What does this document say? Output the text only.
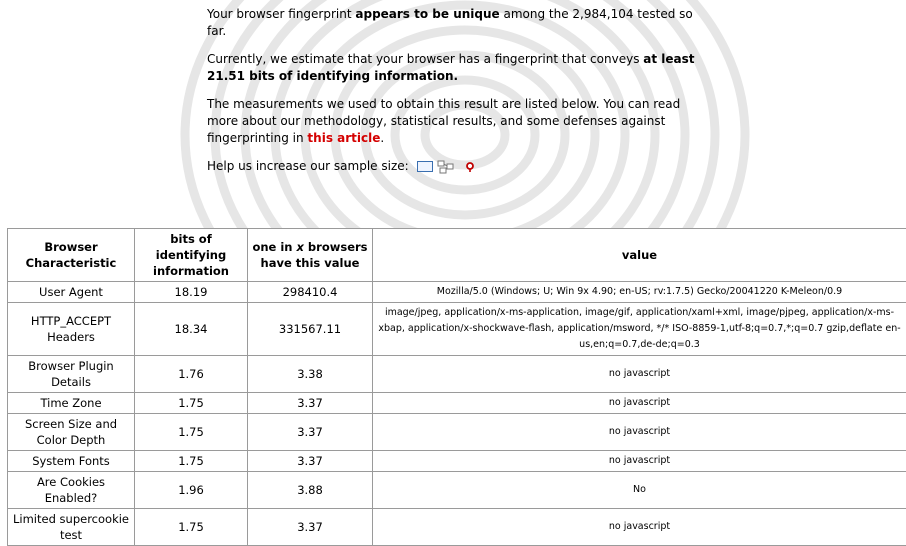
Your browser fingerprint appears to be unique among the 2,984,104 tested so far.

Currently, we estimate that your browser has a fingerprint that conveys at least 21.51 bits of identifying information.

The measurements we used to obtain this result are listed below. You can read more about our methodology, statistical results, and some defenses against fingerprinting in this article.

Help us increase our sample size:

Browser Characteristic	bits of identifying information	one in x browsers have this value	value
User Agent	18.19	298410.4	Mozilla/5.0 (Windows; U; Win 9x 4.90; en-US; rv:1.7.5) Gecko/20041220 K-Meleon/0.9
HTTP_ACCEPT Headers	18.34	331567.11	image/jpeg, application/x-ms-application, image/gif, application/xaml+xml, image/pjpeg, application/x-ms-xbap, application/x-shockwave-flash, application/msword, */* ISO-8859-1,utf-8;q=0.7,*;q=0.7 gzip,deflate en-us,en;q=0.7,de-de;q=0.3
Browser Plugin Details	1.76	3.38	no javascript
Time Zone	1.75	3.37	no javascript
Screen Size and Color Depth	1.75	3.37	no javascript
System Fonts	1.75	3.37	no javascript
Are Cookies Enabled?	1.96	3.88	No
Limited supercookie test	1.75	3.37	no javascript
